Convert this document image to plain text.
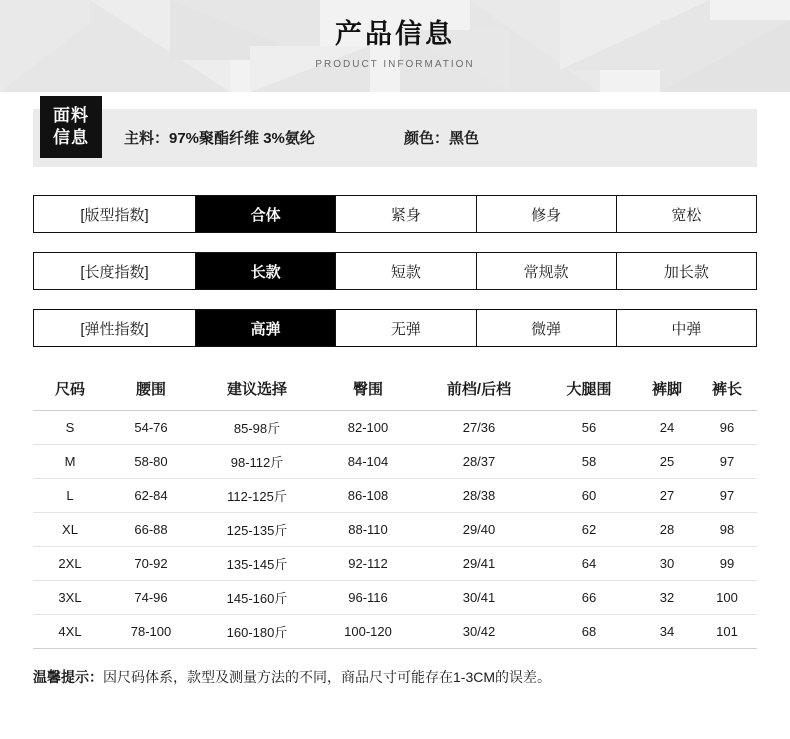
产品信息
PRODUCT INFORMATION
面料
信息	主料：97%聚酯纤维 3%氨纶	颜色：黑色
[版型指数]	合体	紧身	修身	宽松
[长度指数]	长款	短款	常规款	加长款
[弹性指数]	高弹	无弹	微弹	中弹
尺码	腰围	建议选择	臀围	前档/后档	大腿围	裤脚	裤长
S	54-76	85-98斤	82-100	27/36	56	24	96
M	58-80	98-112斤	84-104	28/37	58	25	97
L	62-84	112-125斤	86-108	28/38	60	27	97
XL	66-88	125-135斤	88-110	29/40	62	28	98
2XL	70-92	135-145斤	92-112	29/41	64	30	99
3XL	74-96	145-160斤	96-116	30/41	66	32	100
4XL	78-100	160-180斤	100-120	30/42	68	34	101
温馨提示：因尺码体系，款型及测量方法的不同，商品尺寸可能存在1-3CM的误差。
